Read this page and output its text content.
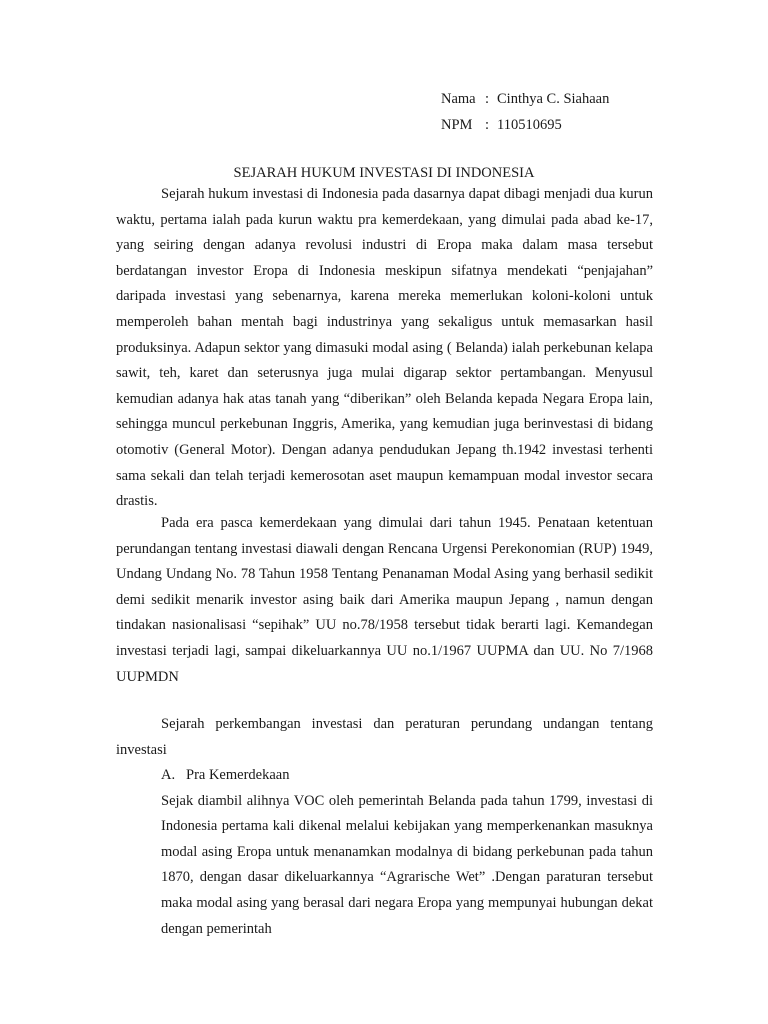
Nama : Cinthya C. Siahaan
NPM : 110510695
SEJARAH HUKUM INVESTASI DI INDONESIA

Sejarah hukum investasi di Indonesia pada dasarnya dapat dibagi menjadi dua kurun waktu, pertama ialah pada kurun waktu pra kemerdekaan, yang dimulai pada abad ke-17, yang seiring dengan adanya revolusi industri di Eropa maka dalam masa tersebut berdatangan investor Eropa di Indonesia meskipun sifatnya mendekati “penjajahan” daripada investasi yang sebenarnya, karena mereka memerlukan koloni-koloni untuk memperoleh bahan mentah bagi industrinya yang sekaligus untuk memasarkan hasil produksinya. Adapun sektor yang dimasuki modal asing ( Belanda) ialah perkebunan kelapa sawit, teh, karet dan seterusnya juga mulai digarap sektor pertambangan. Menyusul kemudian adanya hak atas tanah yang “diberikan” oleh Belanda kepada Negara Eropa lain, sehingga muncul perkebunan Inggris, Amerika, yang kemudian juga berinvestasi di bidang otomotiv (General Motor). Dengan adanya pendudukan Jepang th.1942 investasi terhenti sama sekali dan telah terjadi kemerosotan aset maupun kemampuan modal investor secara drastis.

Pada era pasca kemerdekaan yang dimulai dari tahun 1945. Penataan ketentuan perundangan tentang investasi diawali dengan Rencana Urgensi Perekonomian (RUP) 1949, Undang Undang No. 78 Tahun 1958 Tentang Penanaman Modal Asing yang berhasil sedikit demi sedikit menarik investor asing baik dari Amerika maupun Jepang , namun dengan tindakan nasionalisasi “sepihak” UU no.78/1958 tersebut tidak berarti lagi. Kemandegan investasi terjadi lagi, sampai dikeluarkannya UU no.1/1967 UUPMA dan UU. No 7/1968 UUPMDN

Sejarah perkembangan investasi dan peraturan perundang undangan tentang investasi

A. Pra Kemerdekaan

Sejak diambil alihnya VOC oleh pemerintah Belanda pada tahun 1799, investasi di Indonesia pertama kali dikenal melalui kebijakan yang memperkenankan masuknya modal asing Eropa untuk menanamkan modalnya di bidang perkebunan pada tahun 1870, dengan dasar dikeluarkannya “Agrarische Wet” .Dengan paraturan tersebut maka modal asing yang berasal dari negara Eropa yang mempunyai hubungan dekat dengan pemerintah
